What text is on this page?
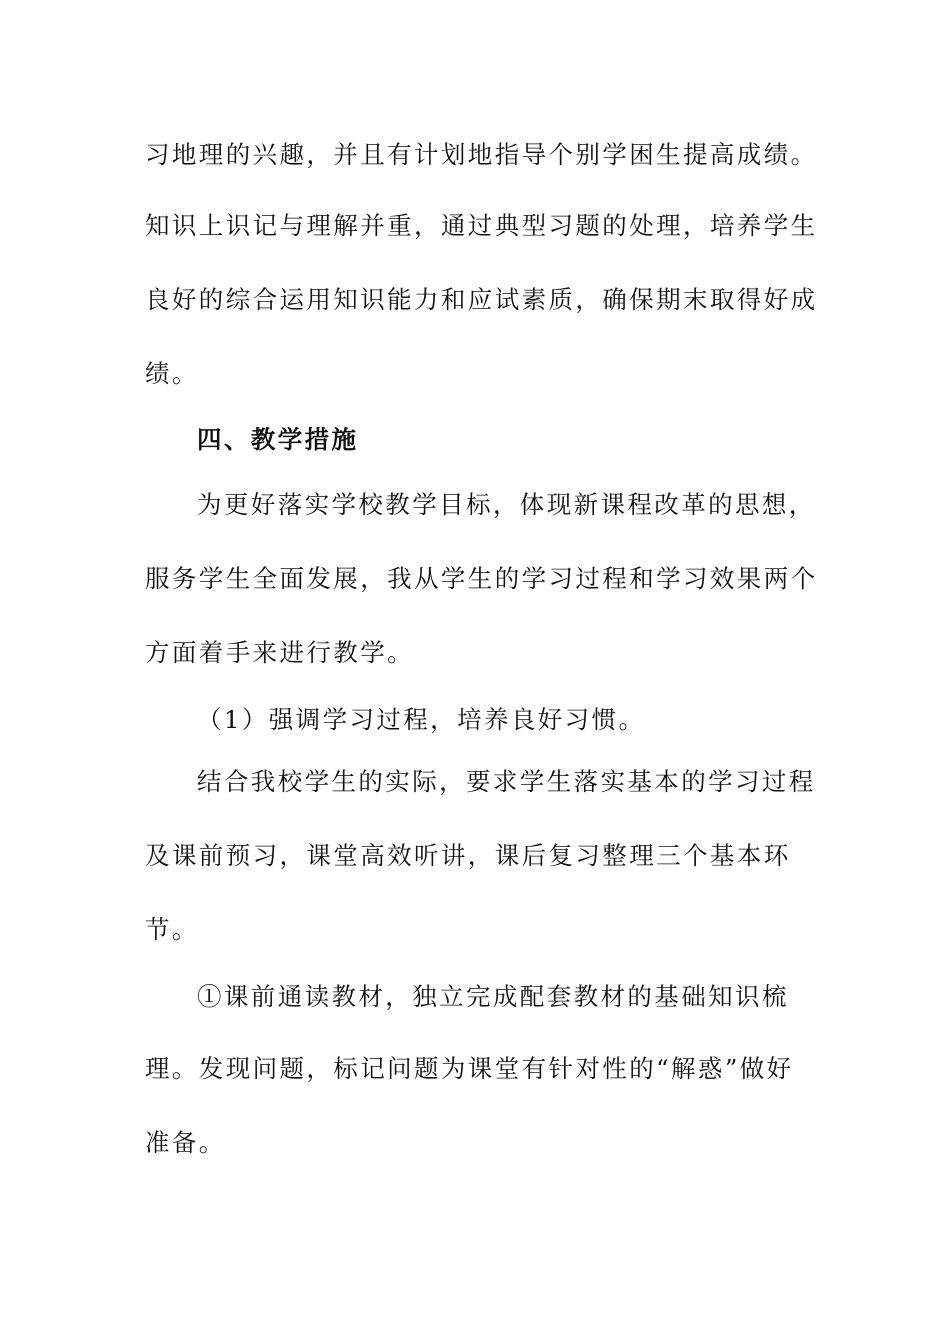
习地理的兴趣，并且有计划地指导个别学困生提高成绩。
知识上识记与理解并重，通过典型习题的处理，培养学生
良好的综合运用知识能力和应试素质，确保期末取得好成
绩。
四、教学措施
为更好落实学校教学目标，体现新课程改革的思想，
服务学生全面发展，我从学生的学习过程和学习效果两个
方面着手来进行教学。
（1）强调学习过程，培养良好习惯。
结合我校学生的实际，要求学生落实基本的学习过程
及课前预习，课堂高效听讲，课后复习整理三个基本环
节。
①课前通读教材，独立完成配套教材的基础知识梳
理。发现问题，标记问题为课堂有针对性的“解惑”做好
准备。
